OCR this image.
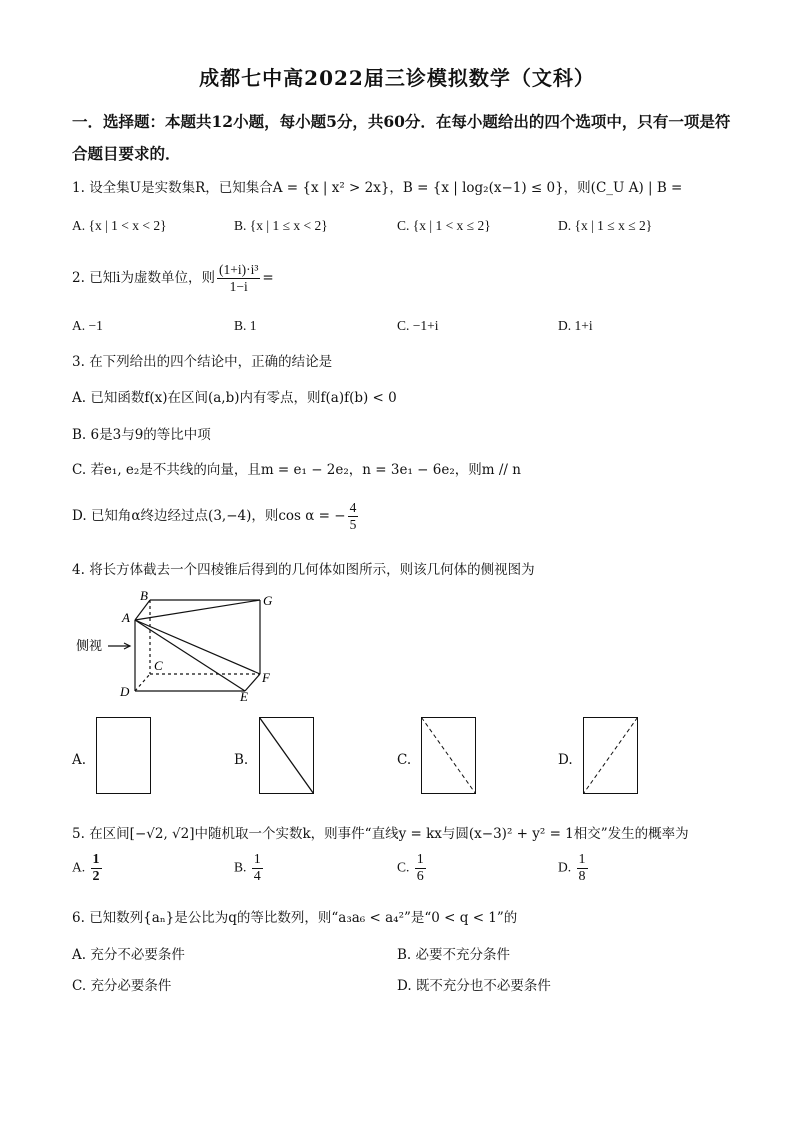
成都七中高2022届三诊模拟数学（文科）
一．选择题：本题共12小题，每小题5分，共60分．在每小题给出的四个选项中，只有一项是符合题目要求的．
1. 设全集U是实数集R，已知集合A = {x | x² > 2x}，B = {x | log₂(x−1) ≤ 0}，则(C_U A) | B =
A. {x | 1 < x < 2}	B. {x | 1 ≤ x < 2}	C. {x | 1 < x ≤ 2}	D. {x | 1 ≤ x ≤ 2}
2. 已知i为虚数单位，则 $\frac{\text{(1+i)·i³}}{1-i}$ =
A. −1	B. 1	C. −1+i	D. 1+i
3. 在下列给出的四个结论中，正确的结论是
A. 已知函数f(x)在区间(a,b)内有零点，则f(a)f(b) < 0
B. 6是3与9的等比中项
C. 若e₁, e₂是不共线的向量，且m = e₁ − 2e₂，n = 3e₁ − 6e₂，则m // n
D. 已知角α终边经过点(3,−4)，则cos α = − $\frac{4}{5}$
4. 将长方体截去一个四棱锥后得到的几何体如图所示，则该几何体的侧视图为
A
B
C
D	E
F
G
侧视
A.	B.	C.	D.
5. 在区间[−√2, √2]中随机取一个实数k，则事件“直线y = kx与圆(x−3)² + y² = 1相交”发生的概率为
A. $\frac{1}{2}$	B. $\frac{1}{4}$	C. $\frac{1}{6}$	D. $\frac{1}{8}$
6. 已知数列{aₙ}是公比为q的等比数列，则“a₃a₆ < a₄²”是“0 < q < 1”的
A. 充分不必要条件	B. 必要不充分条件
C. 充分必要条件	D. 既不充分也不必要条件
